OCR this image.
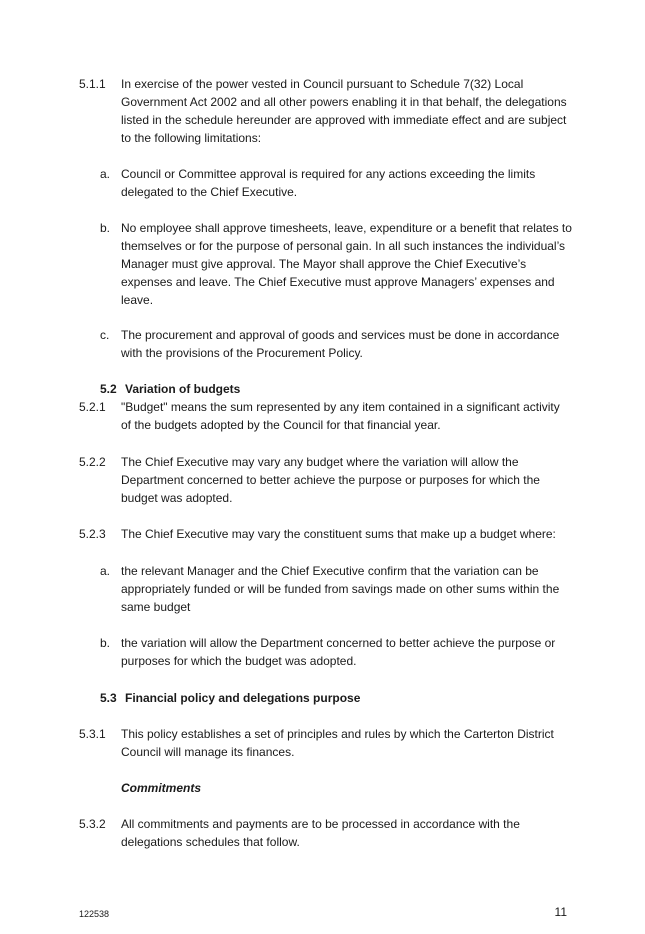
5.1.1 In exercise of the power vested in Council pursuant to Schedule 7(32) Local Government Act 2002 and all other powers enabling it in that behalf, the delegations listed in the schedule hereunder are approved with immediate effect and are subject to the following limitations:
a. Council or Committee approval is required for any actions exceeding the limits delegated to the Chief Executive.
b. No employee shall approve timesheets, leave, expenditure or a benefit that relates to themselves or for the purpose of personal gain. In all such instances the individual’s Manager must give approval. The Mayor shall approve the Chief Executive’s expenses and leave. The Chief Executive must approve Managers’ expenses and leave.
c. The procurement and approval of goods and services must be done in accordance with the provisions of the Procurement Policy.
5.2 Variation of budgets
5.2.1 "Budget" means the sum represented by any item contained in a significant activity of the budgets adopted by the Council for that financial year.
5.2.2 The Chief Executive may vary any budget where the variation will allow the Department concerned to better achieve the purpose or purposes for which the budget was adopted.
5.2.3 The Chief Executive may vary the constituent sums that make up a budget where:
a. the relevant Manager and the Chief Executive confirm that the variation can be appropriately funded or will be funded from savings made on other sums within the same budget
b. the variation will allow the Department concerned to better achieve the purpose or purposes for which the budget was adopted.
5.3 Financial policy and delegations purpose
5.3.1 This policy establishes a set of principles and rules by which the Carterton District Council will manage its finances.
Commitments
5.3.2 All commitments and payments are to be processed in accordance with the delegations schedules that follow.
122538	11
